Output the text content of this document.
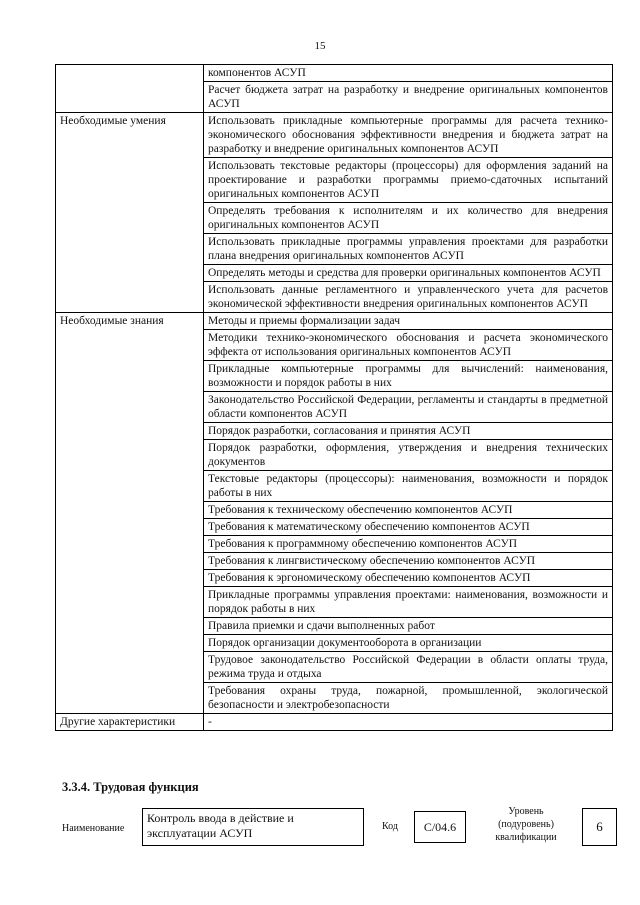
15
	компонентов АСУП
	Расчет бюджета затрат на разработку и внедрение оригинальных компонентов АСУП
Необходимые умения	Использовать прикладные компьютерные программы для расчета технико-экономического обоснования эффективности внедрения и бюджета затрат на разработку и внедрение оригинальных компонентов АСУП
	Использовать текстовые редакторы (процессоры) для оформления заданий на проектирование и разработки программы приемо-сдаточных испытаний оригинальных компонентов АСУП
	Определять требования к исполнителям и их количество для внедрения оригинальных компонентов АСУП
	Использовать прикладные программы управления проектами для разработки плана внедрения оригинальных компонентов АСУП
	Определять методы и средства для проверки оригинальных компонентов АСУП
	Использовать данные регламентного и управленческого учета для расчетов экономической эффективности внедрения оригинальных компонентов АСУП
Необходимые знания	Методы и приемы формализации задач
	Методики технико-экономического обоснования и расчета экономического эффекта от использования оригинальных компонентов АСУП
	Прикладные компьютерные программы для вычислений: наименования, возможности и порядок работы в них
	Законодательство Российской Федерации, регламенты и стандарты в предметной области компонентов АСУП
	Порядок разработки, согласования и принятия АСУП
	Порядок разработки, оформления, утверждения и внедрения технических документов
	Текстовые редакторы (процессоры): наименования, возможности и порядок работы в них
	Требования к техническому обеспечению компонентов АСУП
	Требования к математическому обеспечению компонентов АСУП
	Требования к программному обеспечению компонентов АСУП
	Требования к лингвистическому обеспечению компонентов АСУП
	Требования к эргономическому обеспечению компонентов АСУП
	Прикладные программы управления проектами: наименования, возможности и порядок работы в них
	Правила приемки и сдачи выполненных работ
	Порядок организации документооборота в организации
	Трудовое законодательство Российской Федерации в области оплаты труда, режима труда и отдыха
	Требования охраны труда, пожарной, промышленной, экологической безопасности и электробезопасности
Другие характеристики	-
3.3.4. Трудовая функция
Наименование
Контроль ввода в действие и эксплуатации АСУП	Код	C/04.6
Уровень (подуровень) квалификации
6
